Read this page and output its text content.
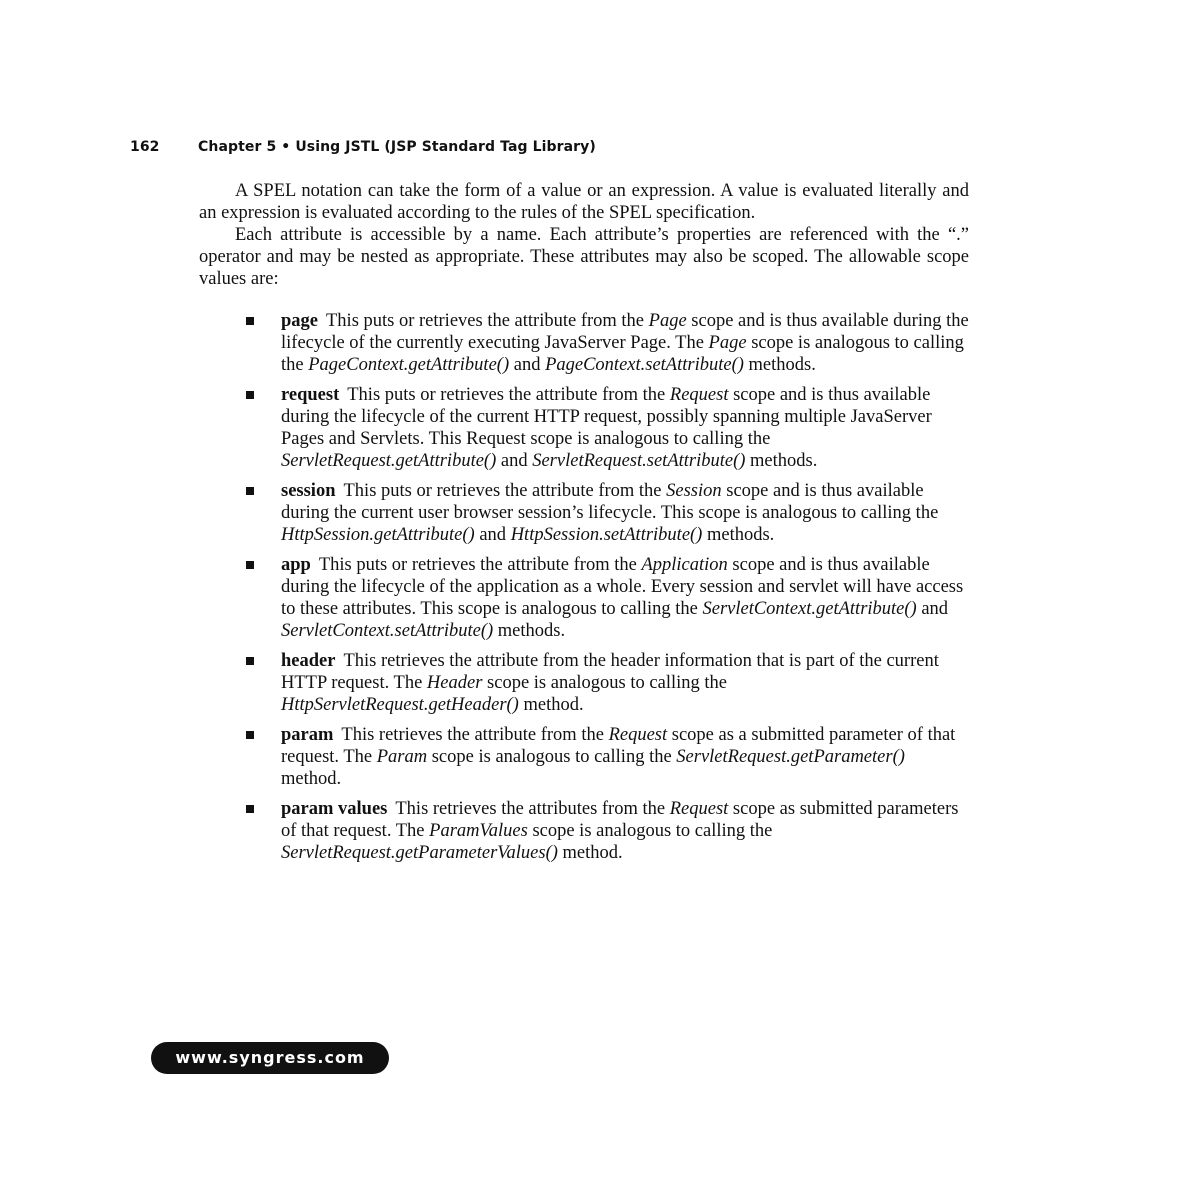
162	Chapter 5 • Using JSTL (JSP Standard Tag Library)

A SPEL notation can take the form of a value or an expression. A value is evaluated literally and an expression is evaluated according to the rules of the SPEL specification.

Each attribute is accessible by a name. Each attribute’s properties are referenced with the “.” operator and may be nested as appropriate. These attributes may also be scoped. The allowable scope values are:

page This puts or retrieves the attribute from the Page scope and is thus available during the lifecycle of the currently executing JavaServer Page. The Page scope is analogous to calling the PageContext.getAttribute() and PageContext.setAttribute() methods.
request This puts or retrieves the attribute from the Request scope and is thus available during the lifecycle of the current HTTP request, possibly spanning multiple JavaServer Pages and Servlets. This Request scope is analogous to calling the ServletRequest.getAttribute() and ServletRequest.setAttribute() methods.
session This puts or retrieves the attribute from the Session scope and is thus available during the current user browser session’s lifecycle. This scope is analogous to calling the HttpSession.getAttribute() and HttpSession.setAttribute() methods.
app This puts or retrieves the attribute from the Application scope and is thus available during the lifecycle of the application as a whole. Every session and servlet will have access to these attributes. This scope is analogous to calling the ServletContext.getAttribute() and ServletContext.setAttribute() methods.
header This retrieves the attribute from the header information that is part of the current HTTP request. The Header scope is analogous to calling the HttpServletRequest.getHeader() method.
param This retrieves the attribute from the Request scope as a submitted parameter of that request. The Param scope is analogous to calling the ServletRequest.getParameter() method.
param values This retrieves the attributes from the Request scope as submitted parameters of that request. The ParamValues scope is analogous to calling the ServletRequest.getParameterValues() method.
www.syngress.com
